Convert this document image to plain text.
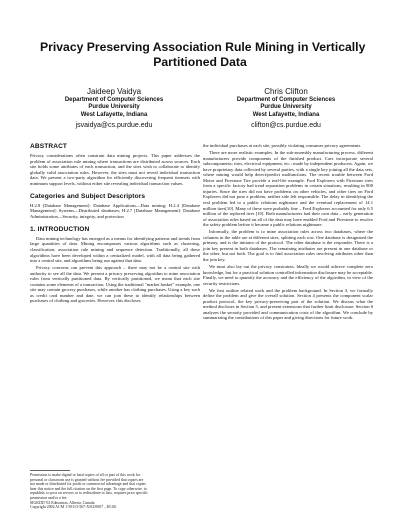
Privacy Preserving Association Rule Mining in Vertically
Partitioned Data
Jaideep Vaidya
Department of Computer Sciences
Purdue University
West Lafayette, Indiana
jsvaidya@cs.purdue.edu
Chris Clifton
Department of Computer Sciences
Purdue University
West Lafayette, Indiana
clifton@cs.purdue.edu
ABSTRACT
Privacy considerations often constrain data mining projects. This paper addresses the problem of association rule mining where transactions are distributed across sources. Each site holds some attributes of each transaction, and the sites wish to collaborate to identify globally valid association rules. However, the sites must not reveal individual transaction data. We present a two-party algorithm for efficiently discovering frequent itemsets with minimum support levels, without either site revealing individual transaction values.
Categories and Subject Descriptors
H.2.8 [Database Management]: Database Applications—Data mining; H.2.4 [Database Management]: Systems—Distributed databases; H.2.7 [Database Management]: Database Administration—Security, integrity, and protection
1. INTRODUCTION
Data mining technology has emerged as a means for identifying patterns and trends from large quantities of data. Mining encompasses various algorithms such as clustering, classification, association rule mining and sequence detection. Traditionally, all these algorithms have been developed within a centralized model, with all data being gathered into a central site, and algorithms being run against that data.
Privacy concerns can prevent this approach – there may not be a central site with authority to see all the data. We present a privacy preserving algorithm to mine association rules from vertically partitioned data. By vertically partitioned, we mean that each site contains some elements of a transaction. Using the traditional "market basket" example, one site may contain grocery purchases, while another has clothing purchases. Using a key such as credit card number and date, we can join these to identify relationships between purchases of clothing and groceries. However, this discloses
the individual purchases at each site, possibly violating consumer privacy agreements.
There are more realistic examples. In the sub-assembly manufacturing process, different manufacturers provide components of the finished product. Cars incorporate several subcomponents; tires, electrical equipment, etc.; made by independent producers. Again, we have proprietary data collected by several parties, with a single key joining all the data sets, where mining would help detect/predict malfunctions. The recent trouble between Ford Motor and Firestone Tire provide a real-life example. Ford Explorers with Firestone tires from a specific factory had tread separation problems in certain situations, resulting in 800 injuries. Since the tires did not have problems on other vehicles, and other tires on Ford Explorers did not pose a problem, neither side felt responsible. The delay in identifying the real problem led to a public relations nightmare and the eventual replacement of 14.1 million tires[10]. Many of these were probably fine – Ford Explorers accounted for only 6.5 million of the replaced tires [10]. Both manufacturers had their own data – early generation of association rules based on all of the data may have enabled Ford and Firestone to resolve the safety problem before it became a public relations nightmare.
Informally, the problem is to mine association rules across two databases, where the columns in the table are at different sites, splitting each row. One database is designated the primary, and is the initiator of the protocol. The other database is the responder. There is a join key present in both databases. The remaining attributes are present in one database or the other, but not both. The goal is to find association rules involving attributes other than the join key.
We must also lay out the privacy constraints. Ideally we would achieve complete zero knowledge, but for a practical solution controlled information disclosure may be acceptable. Finally, we need to quantify the accuracy and the efficiency of the algorithm, in view of the security restrictions.
We first outline related work and the problem background. In Section 3, we formally define the problem and give the overall solution. Section 4 presents the component scalar product protocol, the key privacy-preserving part of the solution. We discuss what the method discloses in Section 5, and present extensions that further limit disclosure. Section 6 analyzes the security provided and communication costs of the algorithm. We conclude by summarizing the contributions of this paper and giving directions for future work.
Permission to make digital or hard copies of all or part of this work for
personal or classroom use is granted without fee provided that copies are
not made or distributed for profit or commercial advantage and that copies
bear this notice and the full citation on the first page. To copy otherwise, to
republish, to post on servers or to redistribute to lists, requires prior specific
permission and/or a fee.
SIGKDD '02 Edmonton, Alberta, Canada
Copyright 2002 ACM 1-58113-567-X/02/0007 ...$5.00.
